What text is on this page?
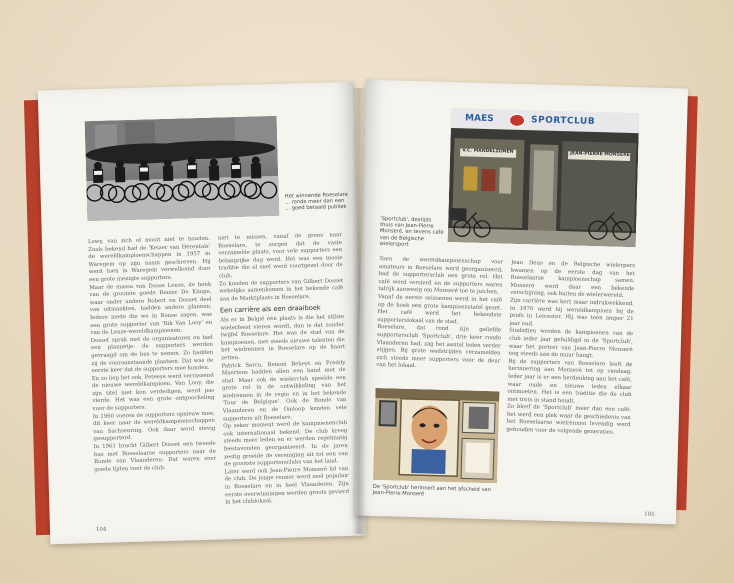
Het winnende Roeselare ... ronde meer dan een ... goed betaald publiek

Lowy, van zich of mooit niet te houden. Zoals bekend had de 'Keizer van Herentals' de wereldkampioenschappen in 1957 in Waregem op zijn naam geschreven. Hij werd toen in Waregem verwelkomd door een grote menigte supporters.

Maar de massa van Dosse Lenze, de benk van de grootste goede Renier De Kimpe, waar onder andere Robert en Dosset deel van uitmaakten, hadden andere plannen. Iedere mede die we in Ronse zagen, was een grote supporter van 'Rik Van Looy' en van de Lenze-wereldkampioenen.

Dosset sprak met de organisatoren en had een plannetje: de supporters werden gevraagd om de bus te nemen. Zo hadden zij de vooraanstaande plaatsen. Dat was de eerste keer dat de supporters mee konden.

En zo liep het ook. Peteeye werd verrassend de nieuwe wereldkampioen. Van Looy, die zijn titel niet kon verdedigen, werd pas vierde. Het was een grote ontgoocheling voor de supporters.

In 1960 voeren de supporters opnieuw mee, dit keer naar de wereldkampioenschappen van Sachsenring. Ook daar werd stevig gesupporterd.

In 1961 bracht Gilbert Dosset een tweede bus met Roeselaarse supporters naar de Ronde van Vlaanderen. Dat waren zeer goede tijden voor de club.

niet te missen, vanaf de grens naar Roeselare, te zorgen dat de vaste verzamelde plaats, voor vele supporters een belangrijke dag werd. Het was een mooie traditie die al snel werd voortgezet door de club.

Zo konden de supporters van Gilbert Dosset wekelijks samenkomen in het bekende café aan de Marktplaats in Roeselare.

Een carrière als een draaiboek

Als er in België één plaats is die het stilste wielerfeest vieren wordt, dan is dat zonder twijfel Roeselare. Het was de stad van de kampioenen, met steeds nieuwe talenten die het wielrennen in Roeselare op de kaart zetten.

Patrick Sercu, Benoni Beheyt en Freddy Maertens hadden allen een band met de stad. Maar ook de wielerclub speelde een grote rol in de ontwikkeling van het wielrennen in de regio en in het bekende 'Tour de Belgique'. Ook de Ronde van Vlaanderen en de Omloop kenden vele supporters uit Roeselare.

Op zeker moment werd de kampioenenclub ook internationaal bekend. De club kreeg steeds meer leden en er werden regelmatig feestavonden georganiseerd. In de jaren zestig groeide de vereniging uit tot een van de grootste supportersclubs van het land.

Later werd ook Jean-Pierre Monseré lid van de club. De jonge renner werd snel populair in Roeselare en in heel Vlaanderen. Zijn eerste overwinningen werden groots gevierd in het clublokaal.

104
MAES	SPORTCLUB
V.C. MANDELZONEN	JEAN-PIERRE MONSERE
'Sportclub', destijds thuis van Jean-Pierre Monseré, en tevens café van de Belgische wielersport

Toen de wereldkampioenschap voor amateurs in Roeselare werd georganiseerd, had de supportersclub een grote rol. Het café werd versierd en de supporters waren talrijk aanwezig om Monseré toe te juichen.

Vanaf de eerste seizoenen werd in het café op de hoek een grote kampioenstafel gezet. Het café werd het bekendste supporterslokaal van de stad.

Roeselare, dat rond zijn geliefde supportersclub 'Sportclub', drie keer ronde Vlaanderen had, zag het aantal leden verder stijgen. Bij grote wedstrijden verzamelden zich steeds meer supporters voor de deur van het lokaal.

Jean Deus en de Belgische wielerpers kwamen op de eerste dag van het Roeselaarse kampioenschap samen. Monseré werd daar een bekende verschijning, ook buiten de wielerwereld.

Zijn carrière was kort maar indrukwekkend. In 1970 werd hij wereldkampioen bij de profs in Leicester. Hij was toen amper 21 jaar oud.

Sindsdien worden de kampioenen van de club ieder jaar gehuldigd in de 'Sportclub', waar het portret van Jean-Pierre Monseré nog steeds aan de muur hangt.

Bij de supporters van Roeselare leeft de herinnering aan Monseré tot op vandaag. Ieder jaar is er een herdenking aan het café, waar oude en nieuwe leden elkaar ontmoeten. Het is een traditie die de club met trots in stand houdt.

Zo bleef de 'Sportclub' meer dan een café: het werd een plek waar de geschiedenis van het Roeselaarse wielrennen levendig werd gehouden voor de volgende generaties.

De 'Sportclub' herinnert aan het afscheid van Jean-Pierre Monseré
105
